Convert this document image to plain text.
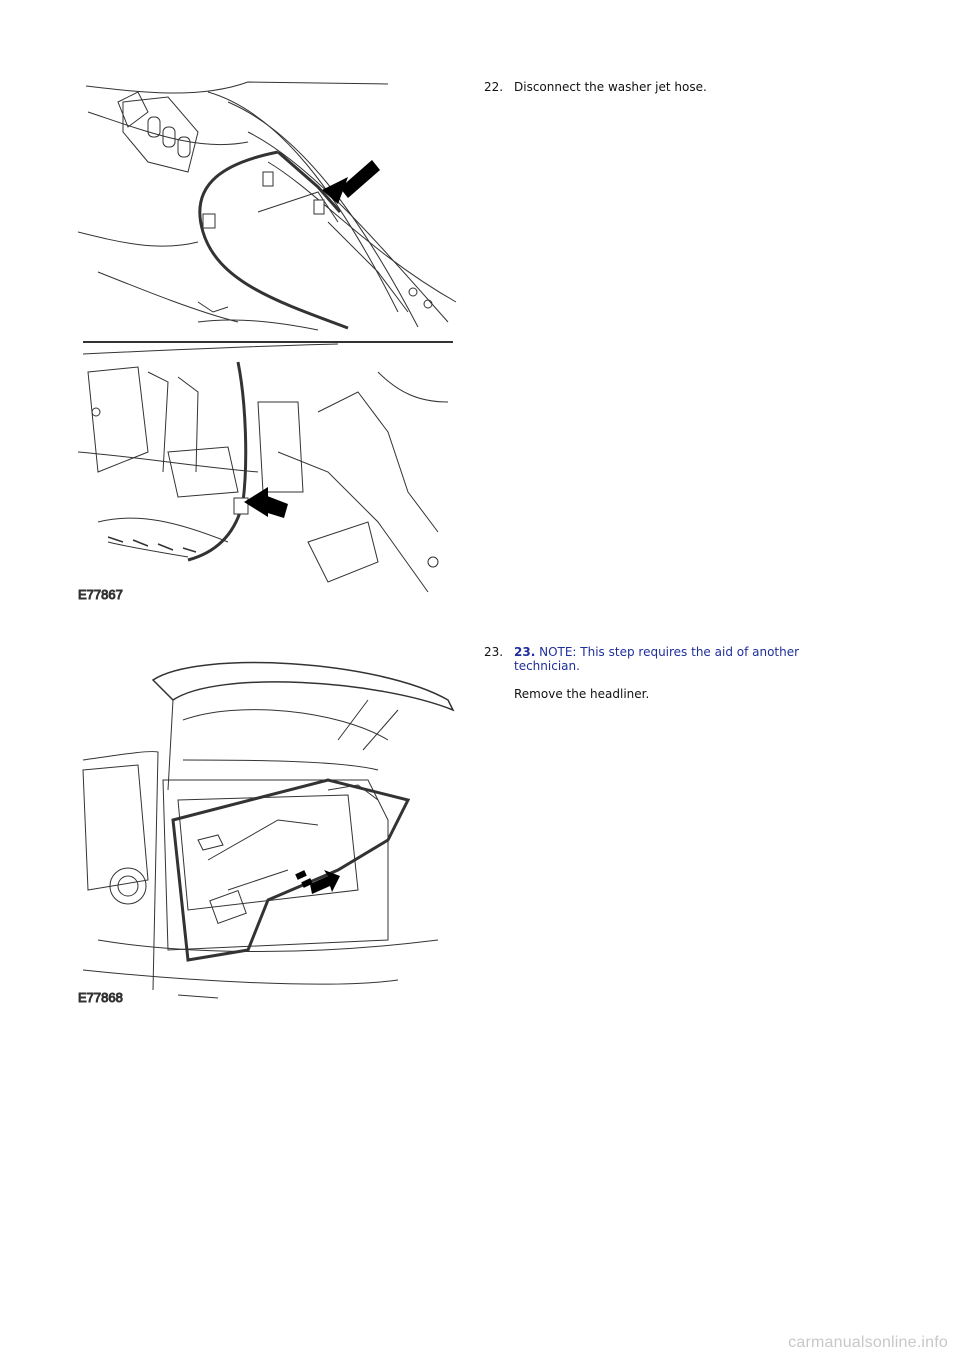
22. Disconnect the washer jet hose.
E77867
23. 23. NOTE: This step requires the aid of another technician.
Remove the headliner.
E77868
carmanualsonline.info
